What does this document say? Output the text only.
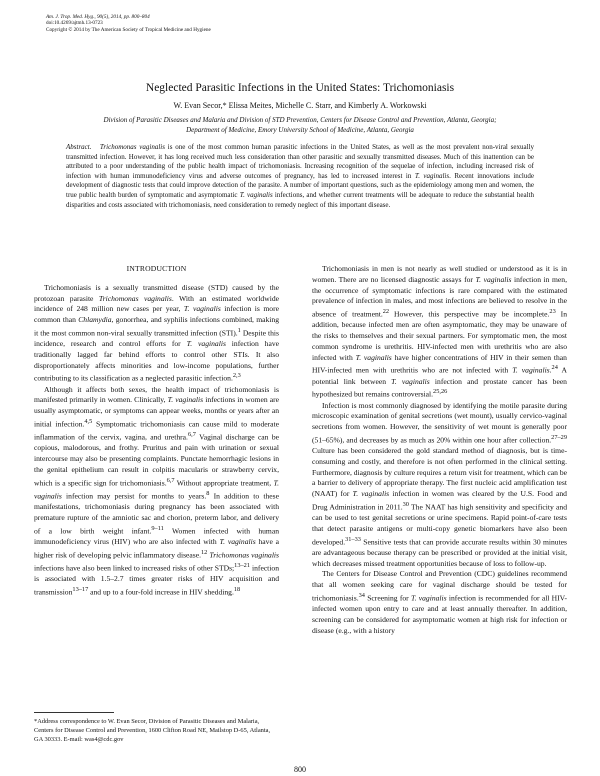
Am. J. Trop. Med. Hyg., 90(5), 2014, pp. 800–804
doi:10.4269/ajtmh.13-0723
Copyright © 2014 by The American Society of Tropical Medicine and Hygiene
Neglected Parasitic Infections in the United States: Trichomoniasis
W. Evan Secor,* Elissa Meites, Michelle C. Starr, and Kimberly A. Workowski
Division of Parasitic Diseases and Malaria and Division of STD Prevention, Centers for Disease Control and Prevention, Atlanta, Georgia;
Department of Medicine, Emory University School of Medicine, Atlanta, Georgia
Abstract. Trichomonas vaginalis is one of the most common human parasitic infections in the United States, as well as the most prevalent non-viral sexually transmitted infection. However, it has long received much less consideration than other parasitic and sexually transmitted diseases. Much of this inattention can be attributed to a poor understanding of the public health impact of trichomoniasis. Increasing recognition of the sequelae of infection, including increased risk of infection with human immunodeficiency virus and adverse outcomes of pregnancy, has led to increased interest in T. vaginalis. Recent innovations include development of diagnostic tests that could improve detection of the parasite. A number of important questions, such as the epidemiology among men and women, the true public health burden of symptomatic and asymptomatic T. vaginalis infections, and whether current treatments will be adequate to reduce the substantial health disparities and costs associated with trichomoniasis, need consideration to remedy neglect of this important disease.
INTRODUCTION

Trichomoniasis is a sexually transmitted disease (STD) caused by the protozoan parasite Trichomonas vaginalis. With an estimated worldwide incidence of 248 million new cases per year, T. vaginalis infection is more common than Chlamydia, gonorrhea, and syphilis infections combined, making it the most common non-viral sexually transmitted infection (STI).$^1$ Despite this incidence, research and control efforts for T. vaginalis infection have traditionally lagged far behind efforts to control other STIs. It also disproportionately affects minorities and low-income populations, further contributing to its classification as a neglected parasitic infection.$^{2,3}$

Although it affects both sexes, the health impact of trichomoniasis is manifested primarily in women. Clinically, T. vaginalis infections in women are usually asymptomatic, or symptoms can appear weeks, months or years after an initial infection.$^{4,5}$ Symptomatic trichomoniasis can cause mild to moderate inflammation of the cervix, vagina, and urethra.$^{6,7}$ Vaginal discharge can be copious, malodorous, and frothy. Pruritus and pain with urination or sexual intercourse may also be presenting complaints. Punctate hemorrhagic lesions in the genital epithelium can result in colpitis macularis or strawberry cervix, which is a specific sign for trichomoniasis.$^{6,7}$ Without appropriate treatment, T. vaginalis infection may persist for months to years.$^8$ In addition to these manifestations, trichomoniasis during pregnancy has been associated with premature rupture of the amniotic sac and chorion, preterm labor, and delivery of a low birth weight infant.$^{9-11}$ Women infected with human immunodeficiency virus (HIV) who are also infected with T. vaginalis have a higher risk of developing pelvic inflammatory disease.$^{12}$ Trichomonas vaginalis infections have also been linked to increased risks of other STDs;$^{13-21}$ infection is associated with 1.5–2.7 times greater risks of HIV acquisition and transmission$^{13-17}$ and up to a four-fold increase in HIV shedding.$^{18}$

Trichomoniasis in men is not nearly as well studied or understood as it is in women. There are no licensed diagnostic assays for T. vaginalis infection in men, the occurrence of symptomatic infections is rare compared with the estimated prevalence of infection in males, and most infections are believed to resolve in the absence of treatment.$^{22}$ However, this perspective may be incomplete.$^{23}$ In addition, because infected men are often asymptomatic, they may be unaware of the risks to themselves and their sexual partners. For symptomatic men, the most common syndrome is urethritis. HIV-infected men with urethritis who are also infected with T. vaginalis have higher concentrations of HIV in their semen than HIV-infected men with urethritis who are not infected with T. vaginalis.$^{24}$ A potential link between T. vaginalis infection and prostate cancer has been hypothesized but remains controversial.$^{25,26}$

Infection is most commonly diagnosed by identifying the motile parasite during microscopic examination of genital secretions (wet mount), usually cervico-vaginal secretions from women. However, the sensitivity of wet mount is generally poor (51–65%), and decreases by as much as 20% within one hour after collection.$^{27-29}$ Culture has been considered the gold standard method of diagnosis, but is time-consuming and costly, and therefore is not often performed in the clinical setting. Furthermore, diagnosis by culture requires a return visit for treatment, which can be a barrier to delivery of appropriate therapy. The first nucleic acid amplification test (NAAT) for T. vaginalis infection in women was cleared by the U.S. Food and Drug Administration in 2011.30 The NAAT has high sensitivity and specificity and can be used to test genital secretions or urine specimens. Rapid point-of-care tests that detect parasite antigens or multi-copy genetic biomarkers have also been developed.$^{31-33}$ Sensitive tests that can provide accurate results within 30 minutes are advantageous because therapy can be prescribed or provided at the initial visit, which decreases missed treatment opportunities because of loss to follow-up.

The Centers for Disease Control and Prevention (CDC) guidelines recommend that all women seeking care for vaginal discharge should be tested for trichomoniasis.$^{34}$ Screening for T. vaginalis infection is recommended for all HIV-infected women upon entry to care and at least annually thereafter. In addition, screening can be considered for asymptomatic women at high risk for infection or disease (e.g., with a history

*Address correspondence to W. Evan Secor, Division of Parasitic Diseases and Malaria, Centers for Disease Control and Prevention, 1600 Clifton Road NE, Mailstop D-65, Atlanta, GA 30333. E-mail: was4@cdc.gov
800
